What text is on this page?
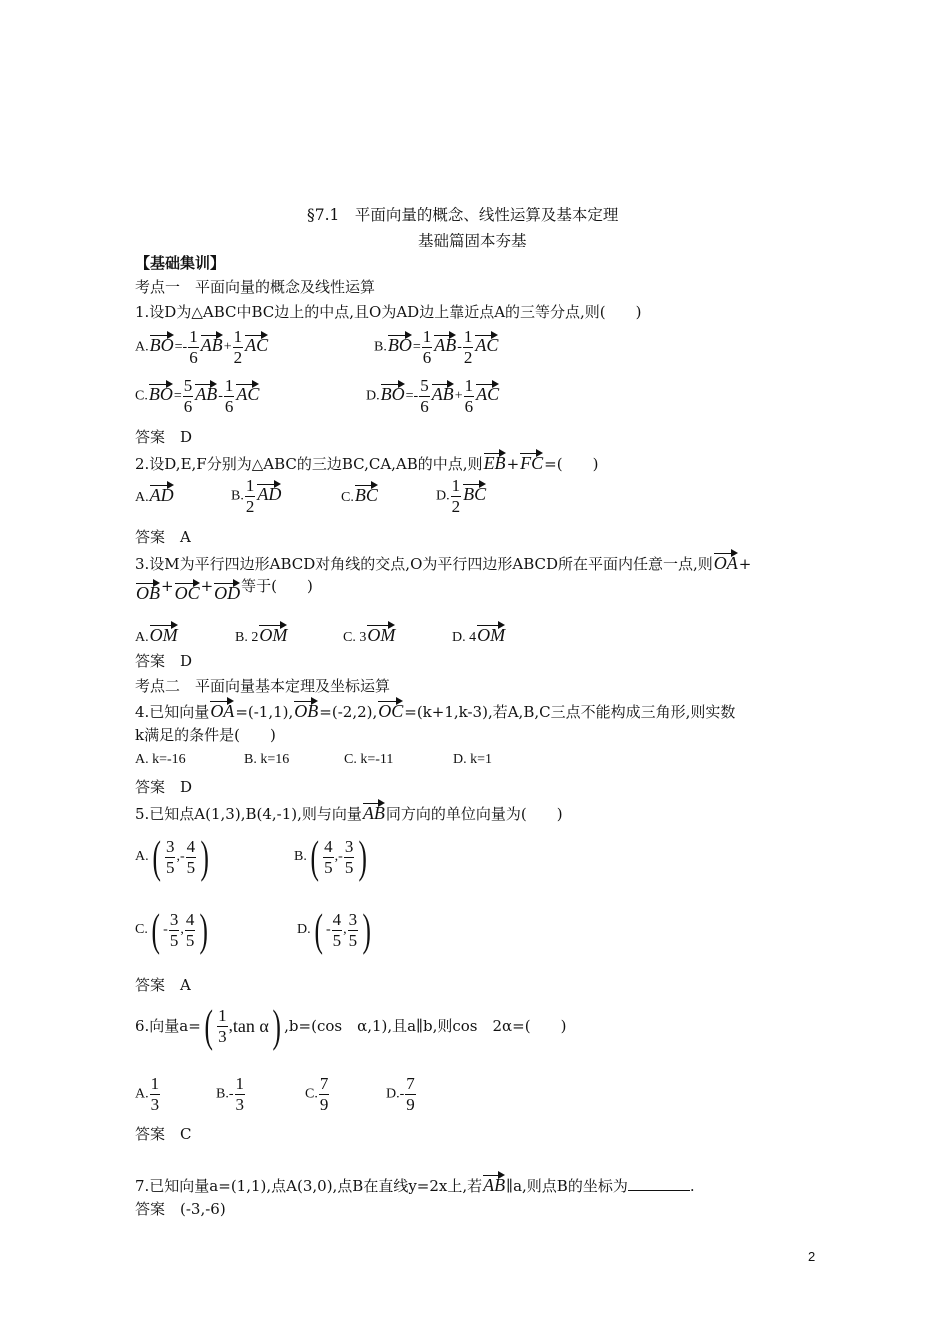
§7.1　平面向量的概念、线性运算及基本定理
基础篇固本夯基
【基础集训】
考点一　平面向量的概念及线性运算
1.设D为△ABC中BC边上的中点,且O为AD边上靠近点A的三等分点,则(　　)
$A.BO=- \frac{1}{6} AB+ \frac{1}{2}$ AC	$B.BO= \frac{1}{6} AB- \frac{1}{2}$ AC
$C.BO= \frac{5}{6} AB- \frac{1}{6}$ AC	$D.BO=- \frac{5}{6} AB+ \frac{1}{6}$ AC
答案　D
2.设D,E,F分别为△ABC的三边BC,CA,AB的中点,则EB+FC=(　　)
A.AD	B. $\frac{1}{2}$ AD	C.BC	D. $\frac{1}{2}$ BC
答案　A
3.设M为平行四边形ABCD对角线的交点,O为平行四边形ABCD所在平面内任意一点,则OA+
OB+OC+OD等于(　　)
A.OM	B. 2OM	C. 3OM	D. 4OM
答案　D
考点二　平面向量基本定理及坐标运算
4.已知向量OA=(-1,1),OB=(-2,2),OC=(k+1,k-3),若A,B,C三点不能构成三角形,则实数
k满足的条件是(　　)
A. k=-16	B. k=16	C. k=-11	D. k=1
答案　D
5.已知点A(1,3),B(4,-1),则与向量AB同方向的单位向量为(　　)
$A.( \frac{3}{5}$ ,- $\frac{4}{5}$ )	$B.( \frac{4}{5}$ ,- $\frac{3}{5}$ )
$C.( - \frac{3}{5}$ , $\frac{4}{5}$ )	$D.( - \frac{4}{5}$ , $\frac{3}{5}$ )
答案　A
6.向量$a=( \frac{1}{3} ,\tan$ α) ,b=(cos　α,1),且a∥b,则cos　2α=(　　)
A. $\frac{1}{3}$	$B.- \frac{1}{3}$	C. $\frac{7}{9}$	$D.- \frac{7}{9}$
答案　C
7.已知向量a=(1,1),点A(3,0),点B在直线y=2x上,若AB∥a,则点B的坐标为	.
答案　(-3,-6)
2
